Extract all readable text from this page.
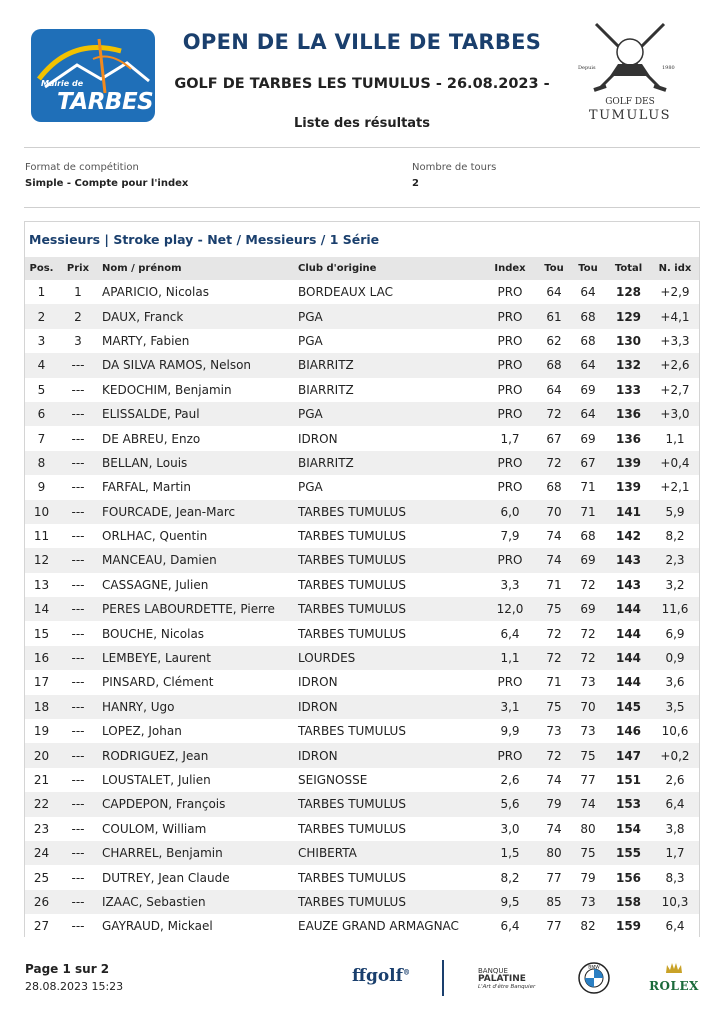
Mairie de
TARBES
OPEN DE LA VILLE DE TARBES
GOLF DE TARBES LES TUMULUS - 26.08.2023 -
Liste des résultats
Depuis	1980
GOLF DES
TUMULUS
Format de compétition
Simple - Compte pour l'index
Nombre de tours
2
Messieurs | Stroke play - Net / Messieurs / 1 Série
Pos.	Prix	Nom / prénom	Club d'origine	Index	Tou	Tou	Total	N. idx
1	1	APARICIO, Nicolas	BORDEAUX LAC	PRO	64	64	128	+2,9
2	2	DAUX, Franck	PGA	PRO	61	68	129	+4,1
3	3	MARTY, Fabien	PGA	PRO	62	68	130	+3,3
4	---	DA SILVA RAMOS, Nelson	BIARRITZ	PRO	68	64	132	+2,6
5	---	KEDOCHIM, Benjamin	BIARRITZ	PRO	64	69	133	+2,7
6	---	ELISSALDE, Paul	PGA	PRO	72	64	136	+3,0
7	---	DE ABREU, Enzo	IDRON	1,7	67	69	136	1,1
8	---	BELLAN, Louis	BIARRITZ	PRO	72	67	139	+0,4
9	---	FARFAL, Martin	PGA	PRO	68	71	139	+2,1
10	---	FOURCADE, Jean-Marc	TARBES TUMULUS	6,0	70	71	141	5,9
11	---	ORLHAC, Quentin	TARBES TUMULUS	7,9	74	68	142	8,2
12	---	MANCEAU, Damien	TARBES TUMULUS	PRO	74	69	143	2,3
13	---	CASSAGNE, Julien	TARBES TUMULUS	3,3	71	72	143	3,2
14	---	PERES LABOURDETTE, Pierre	TARBES TUMULUS	12,0	75	69	144	11,6
15	---	BOUCHE, Nicolas	TARBES TUMULUS	6,4	72	72	144	6,9
16	---	LEMBEYE, Laurent	LOURDES	1,1	72	72	144	0,9
17	---	PINSARD, Clément	IDRON	PRO	71	73	144	3,6
18	---	HANRY, Ugo	IDRON	3,1	75	70	145	3,5
19	---	LOPEZ, Johan	TARBES TUMULUS	9,9	73	73	146	10,6
20	---	RODRIGUEZ, Jean	IDRON	PRO	72	75	147	+0,2
21	---	LOUSTALET, Julien	SEIGNOSSE	2,6	74	77	151	2,6
22	---	CAPDEPON, François	TARBES TUMULUS	5,6	79	74	153	6,4
23	---	COULOM, William	TARBES TUMULUS	3,0	74	80	154	3,8
24	---	CHARREL, Benjamin	CHIBERTA	1,5	80	75	155	1,7
25	---	DUTREY, Jean Claude	TARBES TUMULUS	8,2	77	79	156	8,3
26	---	IZAAC, Sebastien	TARBES TUMULUS	9,5	85	73	158	10,3
27	---	GAYRAUD, Mickael	EAUZE GRAND ARMAGNAC	6,4	77	82	159	6,4
Page 1 sur 2
28.08.2023 15:23
ffgolf®	BANQUE
PALATINE
L'Art d'être Banquier
BMW
ROLEX
